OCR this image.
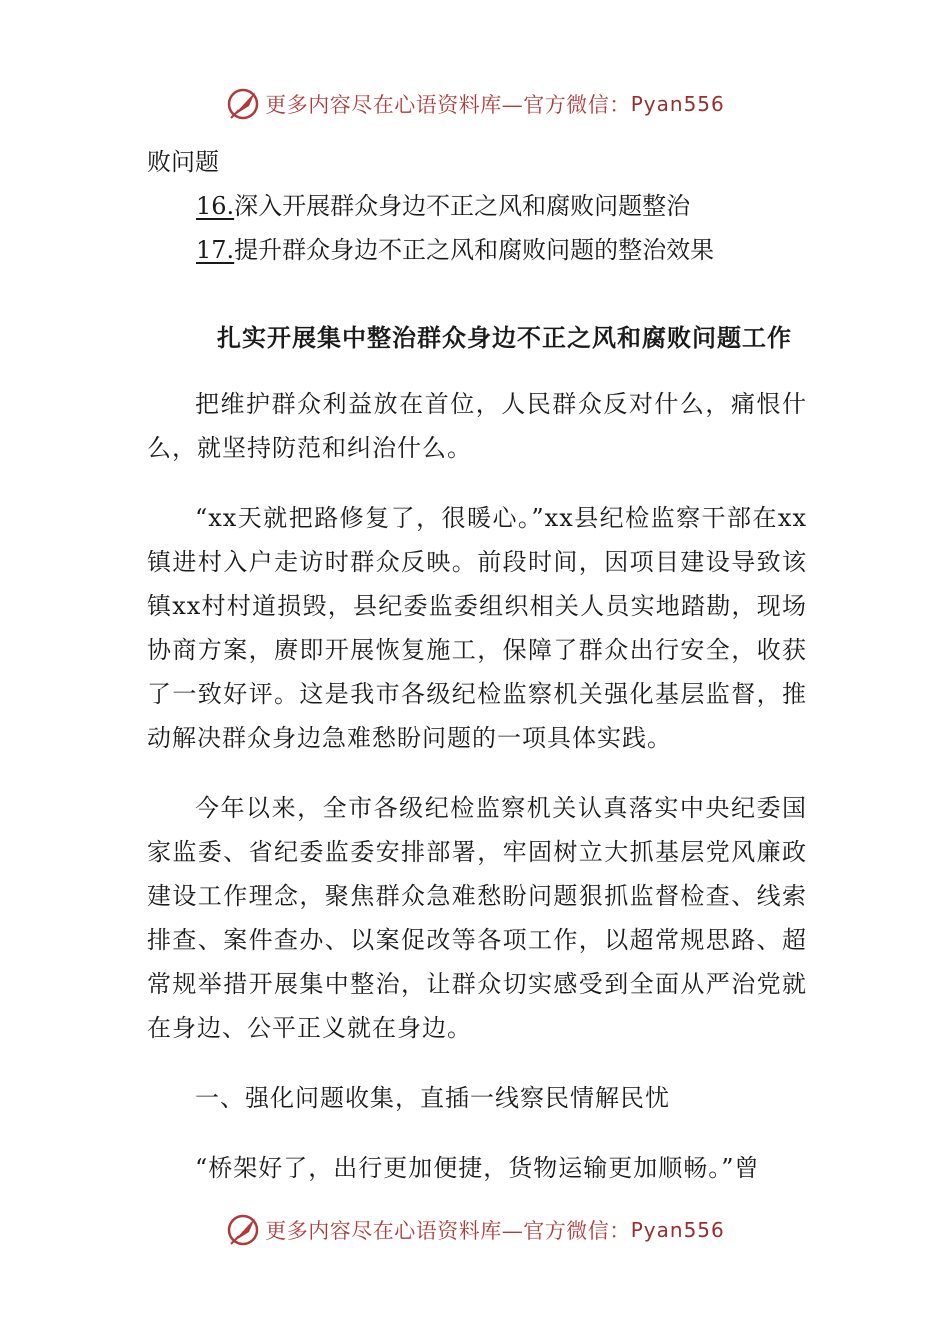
更多内容尽在心语资料库—官方微信： Pyan556
败问题
16.深入开展群众身边不正之风和腐败问题整治
17.提升群众身边不正之风和腐败问题的整治效果
扎实开展集中整治群众身边不正之风和腐败问题工作

把维护群众利益放在首位，人民群众反对什么，痛恨什么，就坚持防范和纠治什么。

“xx天就把路修复了，很暖心。”xx县纪检监察干部在xx镇进村入户走访时群众反映。前段时间，因项目建设导致该镇xx村村道损毁，县纪委监委组织相关人员实地踏勘，现场协商方案，赓即开展恢复施工，保障了群众出行安全，收获了一致好评。这是我市各级纪检监察机关强化基层监督，推动解决群众身边急难愁盼问题的一项具体实践。

今年以来，全市各级纪检监察机关认真落实中央纪委国家监委、省纪委监委安排部署，牢固树立大抓基层党风廉政建设工作理念，聚焦群众急难愁盼问题狠抓监督检查、线索排查、案件查办、以案促改等各项工作，以超常规思路、超常规举措开展集中整治，让群众切实感受到全面从严治党就在身边、公平正义就在身边。

一、强化问题收集，直插一线察民情解民忧

“桥架好了，出行更加便捷，货物运输更加顺畅。”曾

更多内容尽在心语资料库—官方微信： Pyan556
